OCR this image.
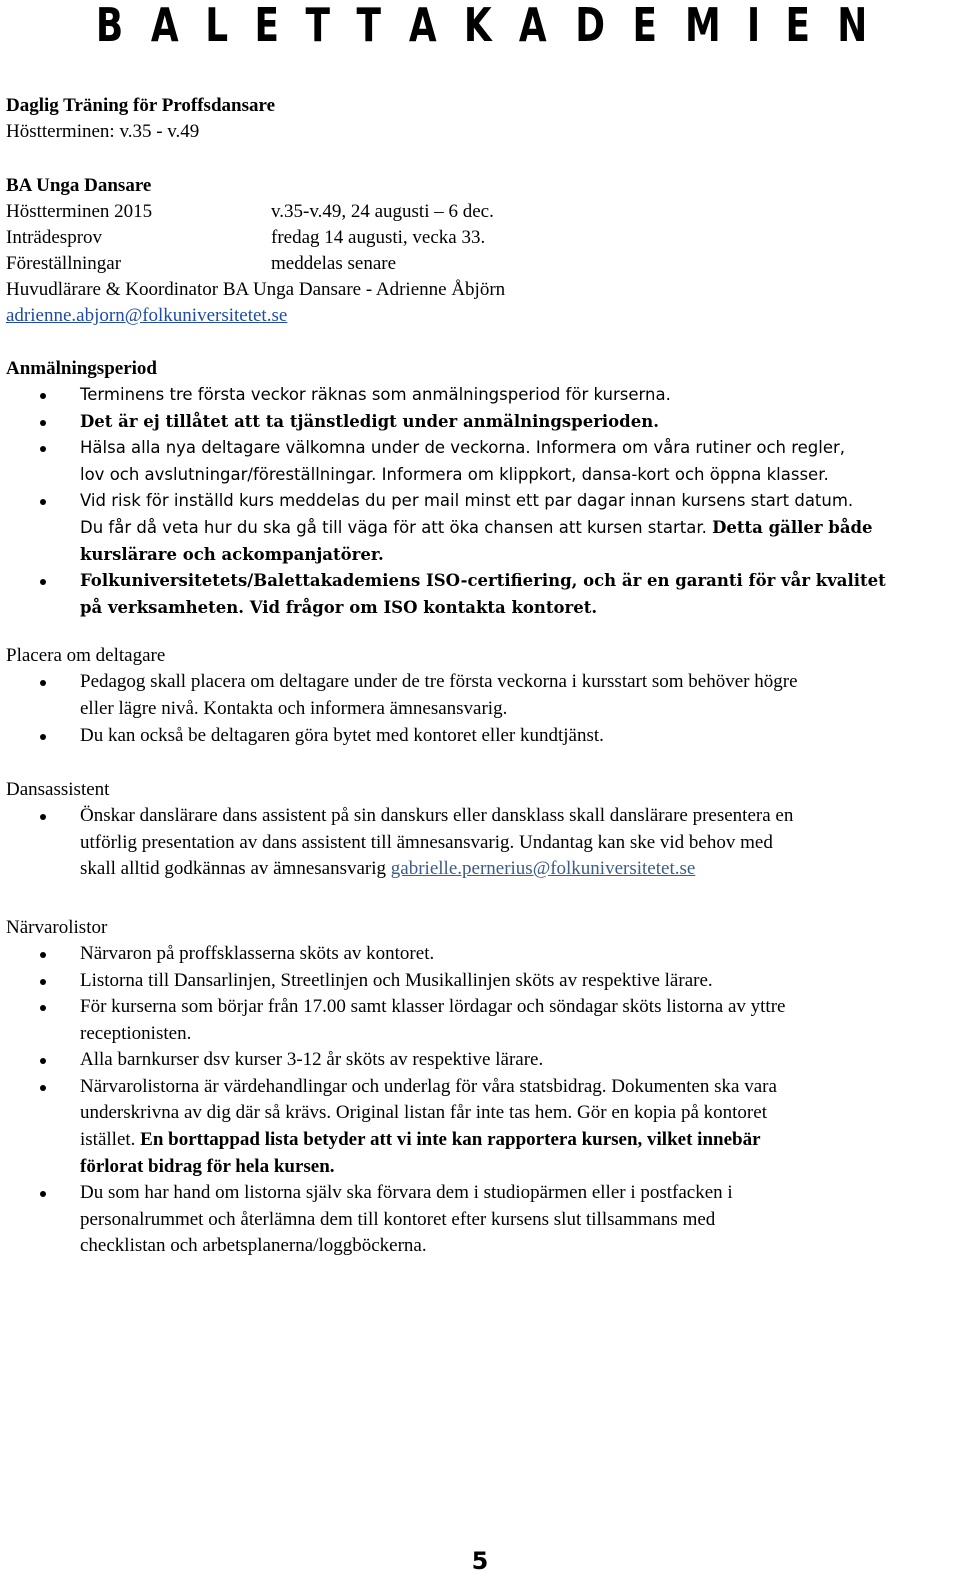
B A L E T T A K A D E M I E N
Daglig Träning för Proffsdansare
Höstterminen: v.35 - v.49
BA Unga Dansare
Höstterminen 2015	v.35-v.49, 24 augusti – 6 dec.
Inträdesprov	fredag 14 augusti, vecka 33.
Föreställningar	meddelas senare
Huvudlärare & Koordinator BA Unga Dansare - Adrienne Åbjörn
adrienne.abjorn@folkuniversitetet.se
Anmälningsperiod
Terminens tre första veckor räknas som anmälningsperiod för kurserna.
Det är ej tillåtet att ta tjänstledigt under anmälningsperioden.
Hälsa alla nya deltagare välkomna under de veckorna. Informera om våra rutiner och regler,
lov och avslutningar/föreställningar. Informera om klippkort, dansa-kort och öppna klasser.
Vid risk för inställd kurs meddelas du per mail minst ett par dagar innan kursens start datum.
Du får då veta hur du ska gå till väga för att öka chansen att kursen startar. Detta gäller både
kurslärare och ackompanjatörer.
Folkuniversitetets/Balettakademiens ISO-certifiering, och är en garanti för vår kvalitet
på verksamheten. Vid frågor om ISO kontakta kontoret.
Placera om deltagare
Pedagog skall placera om deltagare under de tre första veckorna i kursstart som behöver högre
eller lägre nivå. Kontakta och informera ämnesansvarig.
Du kan också be deltagaren göra bytet med kontoret eller kundtjänst.
Dansassistent
Önskar danslärare dans assistent på sin danskurs eller dansklass skall danslärare presentera en
utförlig presentation av dans assistent till ämnesansvarig. Undantag kan ske vid behov med
skall alltid godkännas av ämnesansvarig gabrielle.pernerius@folkuniversitetet.se
Närvarolistor
Närvaron på proffsklasserna sköts av kontoret.
Listorna till Dansarlinjen, Streetlinjen och Musikallinjen sköts av respektive lärare.
För kurserna som börjar från 17.00 samt klasser lördagar och söndagar sköts listorna av yttre
receptionisten.
Alla barnkurser dsv kurser 3-12 år sköts av respektive lärare.
Närvarolistorna är värdehandlingar och underlag för våra statsbidrag. Dokumenten ska vara
underskrivna av dig där så krävs. Original listan får inte tas hem. Gör en kopia på kontoret
istället. En borttappad lista betyder att vi inte kan rapportera kursen, vilket innebär
förlorat bidrag för hela kursen.
Du som har hand om listorna själv ska förvara dem i studiopärmen eller i postfacken i
personalrummet och återlämna dem till kontoret efter kursens slut tillsammans med
checklistan och arbetsplanerna/loggböckerna.
5
